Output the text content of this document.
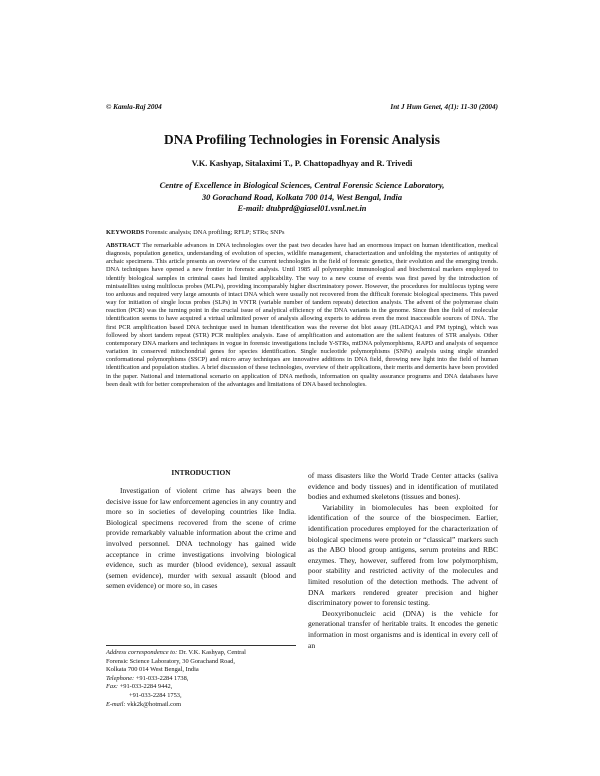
© Kamla-Raj 2004	Int J Hum Genet, 4(1): 11-30 (2004)
DNA Profiling Technologies in Forensic Analysis
V.K. Kashyap, Sitalaximi T., P. Chattopadhyay and R. Trivedi
Centre of Excellence in Biological Sciences, Central Forensic Science Laboratory,
30 Gorachand Road, Kolkata 700 014, West Bengal, India
E-mail: dtubprd@giasel01.vsnl.net.in
KEYWORDS Forensic analysis; DNA profiling; RFLP; STRs; SNPs
ABSTRACT The remarkable advances in DNA technologies over the past two decades have had an enormous impact on human identification, medical diagnosis, population genetics, understanding of evolution of species, wildlife management, characterization and unfolding the mysteries of antiquity of archaic specimens. This article presents an overview of the current technologies in the field of forensic genetics, their evolution and the emerging trends. DNA techniques have opened a new frontier in forensic analysis. Until 1985 all polymorphic immunological and biochemical markers employed to identify biological samples in criminal cases had limited applicability. The way to a new course of events was first paved by the introduction of minisatellites using multilocus probes (MLPs), providing incomparably higher discriminatory power. However, the procedures for multilocus typing were too arduous and required very large amounts of intact DNA which were usually not recovered from the difficult forensic biological specimens. This paved way for initiation of single locus probes (SLPs) in VNTR (variable number of tandem repeats) detection analysis. The advent of the polymerase chain reaction (PCR) was the turning point in the crucial issue of analytical efficiency of the DNA variants in the genome. Since then the field of molecular identification seems to have acquired a virtual unlimited power of analysis allowing experts to address even the most inaccessible sources of DNA. The first PCR amplification based DNA technique used in human identification was the reverse dot blot assay (HLADQA1 and PM typing), which was followed by short tandem repeat (STR) PCR multiplex analysis. Ease of amplification and automation are the salient features of STR analysis. Other contemporary DNA markers and techniques in vogue in forensic investigations include Y-STRs, mtDNA polymorphisms, RAPD and analysis of sequence variation in conserved mitochondrial genes for species identification. Single nucleotide polymorphisms (SNPs) analysis using single stranded conformational polymorphisms (SSCP) and micro array techniques are innovative additions in DNA field, throwing new light into the field of human identification and population studies. A brief discussion of these technologies, overview of their applications, their merits and demerits have been provided in the paper. National and international scenario on application of DNA methods, information on quality assurance programs and DNA databases have been dealt with for better comprehension of the advantages and limitations of DNA based technologies.
INTRODUCTION

Investigation of violent crime has always been the decisive issue for law enforcement agencies in any country and more so in societies of developing countries like India. Biological specimens recovered from the scene of crime provide remarkably valuable information about the crime and involved personnel. DNA technology has gained wide acceptance in crime investigations involving biological evidence, such as murder (blood evidence), sexual assault (semen evidence), murder with sexual assault (blood and semen evidence) or more so, in cases

of mass disasters like the World Trade Center attacks (saliva evidence and body tissues) and in identification of mutilated bodies and exhumed skeletons (tissues and bones).

Variability in biomolecules has been exploited for identification of the source of the biospecimen. Earlier, identification procedures employed for the characterization of biological specimens were protein or “classical” markers such as the ABO blood group antigens, serum proteins and RBC enzymes. They, however, suffered from low polymorphism, poor stability and restricted activity of the molecules and limited resolution of the detection methods. The advent of DNA markers rendered greater precision and higher discriminatory power to forensic testing.

Deoxyribonucleic acid (DNA) is the vehicle for generational transfer of heritable traits. It encodes the genetic information in most organisms and is identical in every cell of an

Address correspondence to: Dr. V.K. Kashyap, Central
Forensic Science Laboratory, 30 Gorachand Road,
Kolkata 700 014 West Bengal, India
Telephone: +91-033-2284 1738,
Fax: +91-033-2284 9442,
+91-033-2284 1753,
E-mail: vkk2k@hotmail.com
